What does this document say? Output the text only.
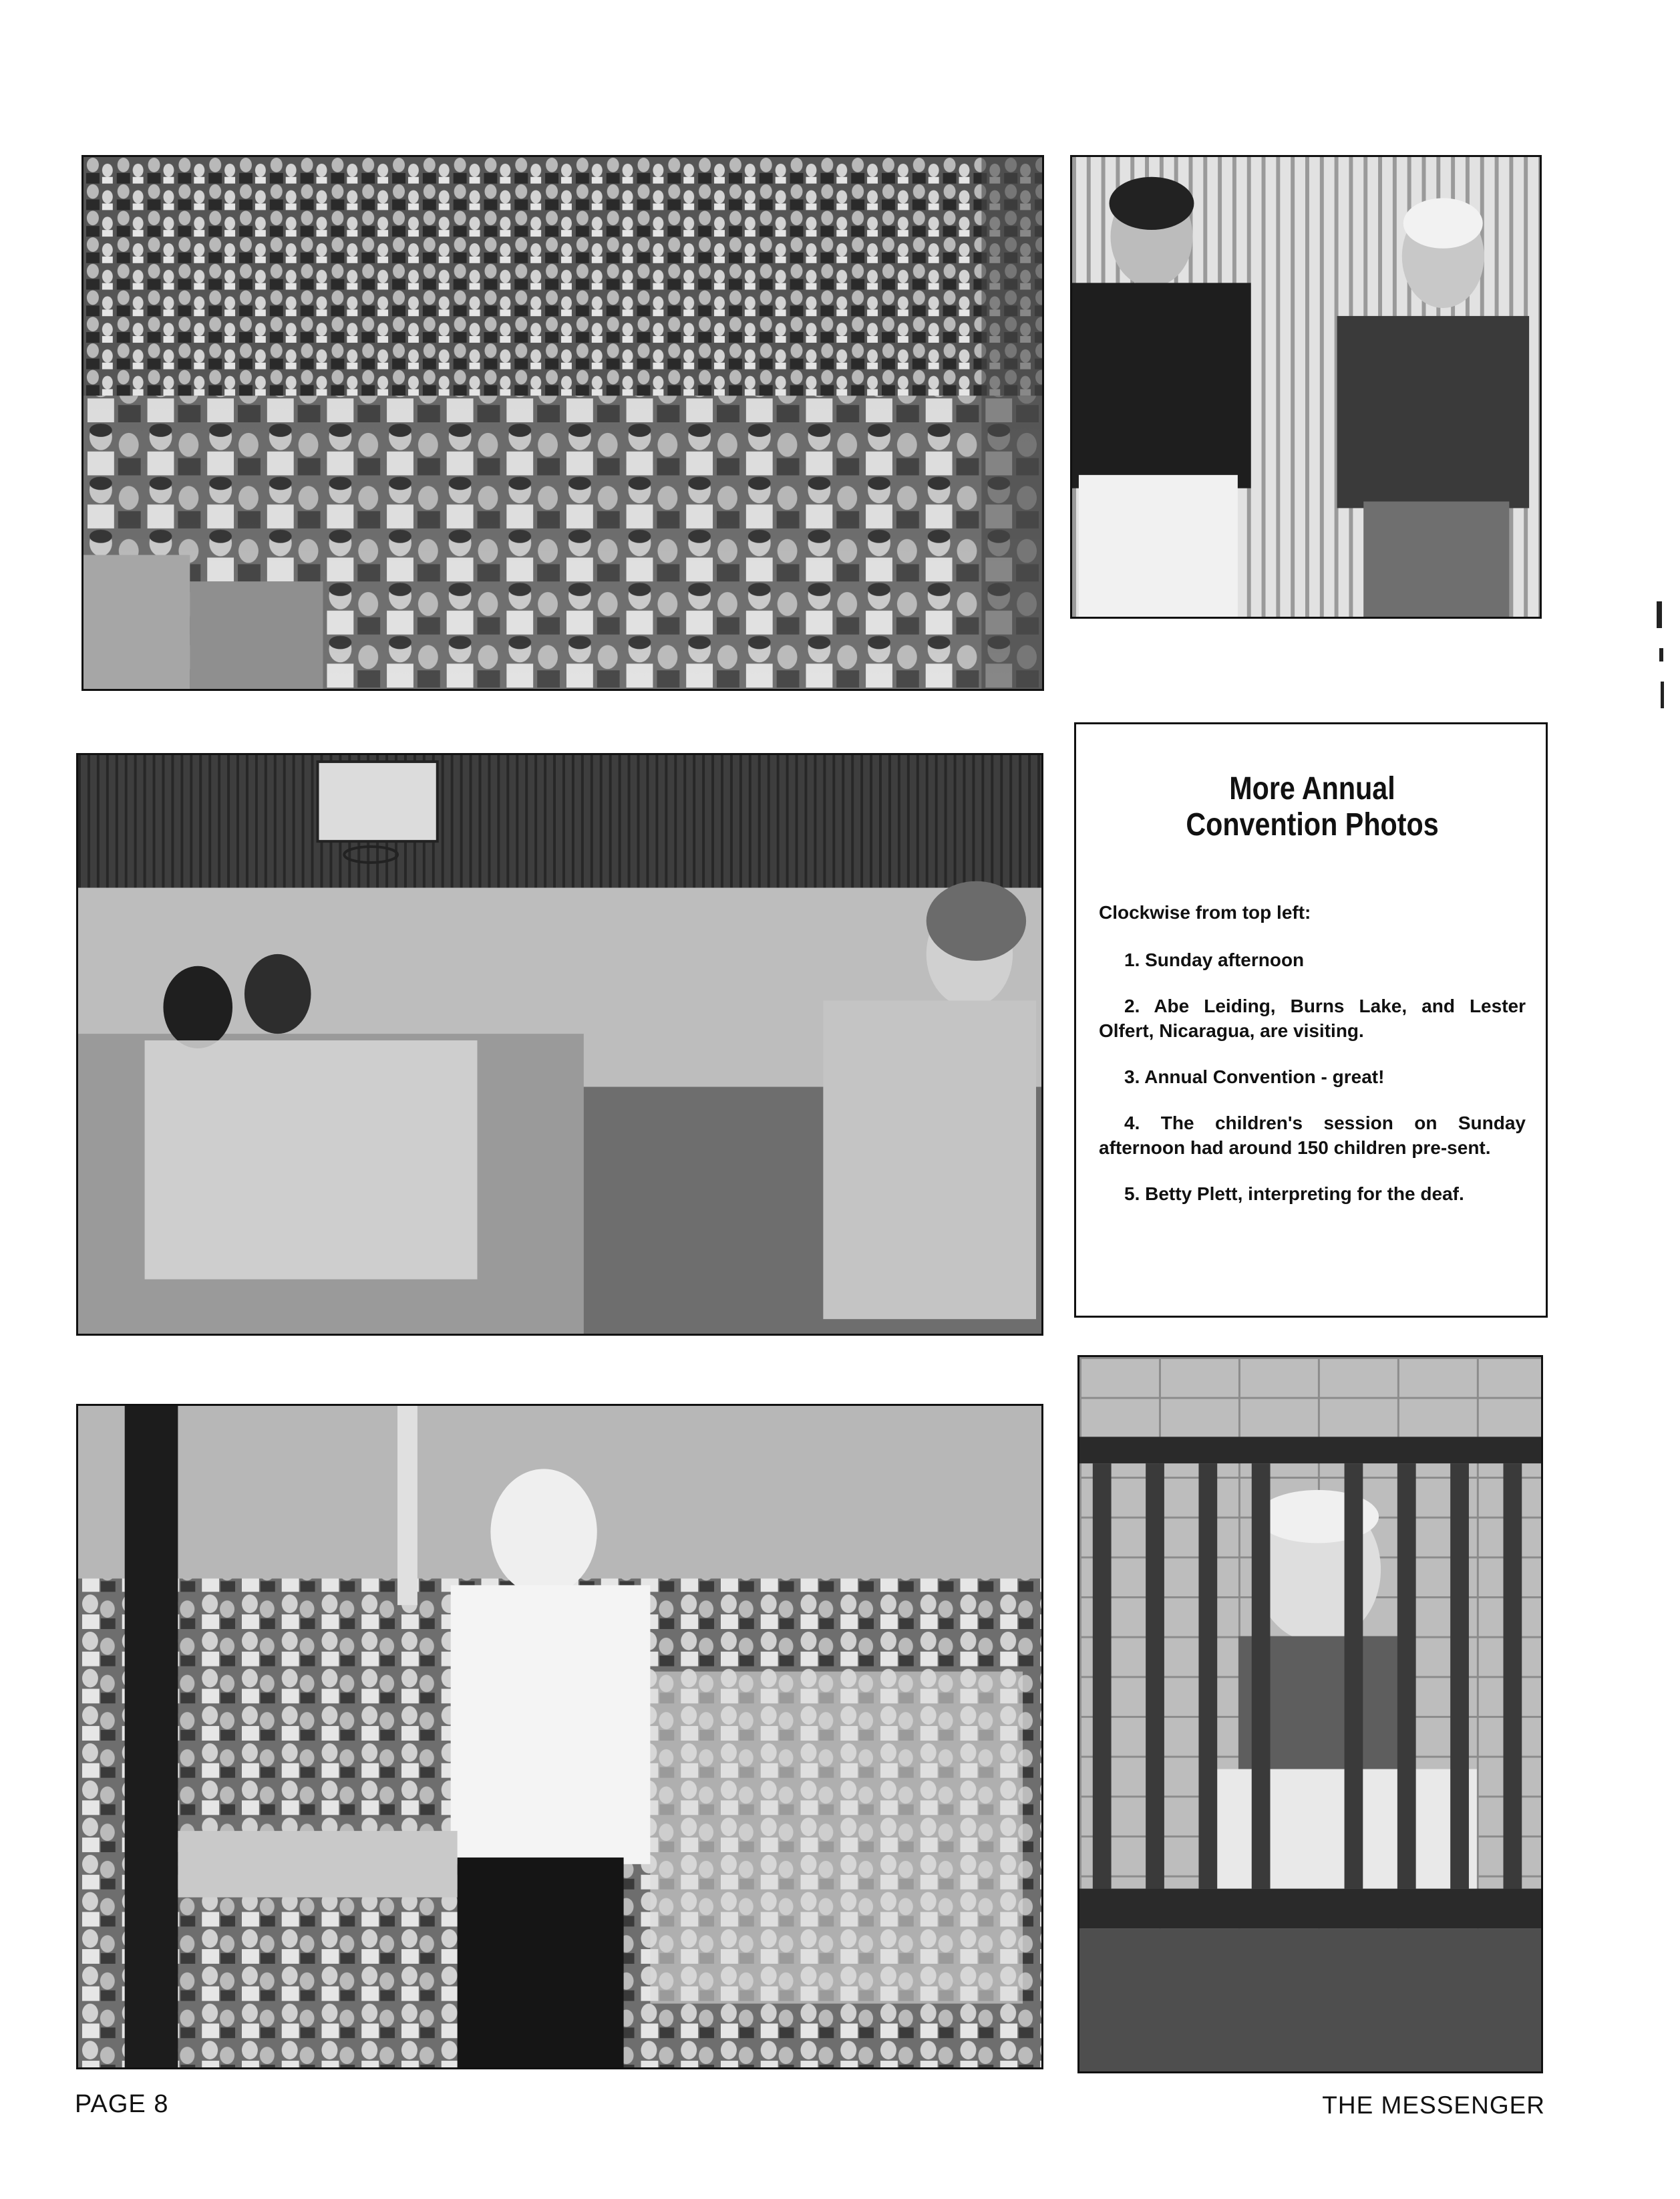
More Annual
Convention Photos

Clockwise from top left:

1. Sunday afternoon

2. Abe Leiding, Burns Lake, and Lester Olfert, Nicaragua, are visiting.

3. Annual Convention - great!

4. The children's session on Sunday afternoon had around 150 children pre-sent.

5. Betty Plett, interpreting for the deaf.

PAGE 8	THE MESSENGER
